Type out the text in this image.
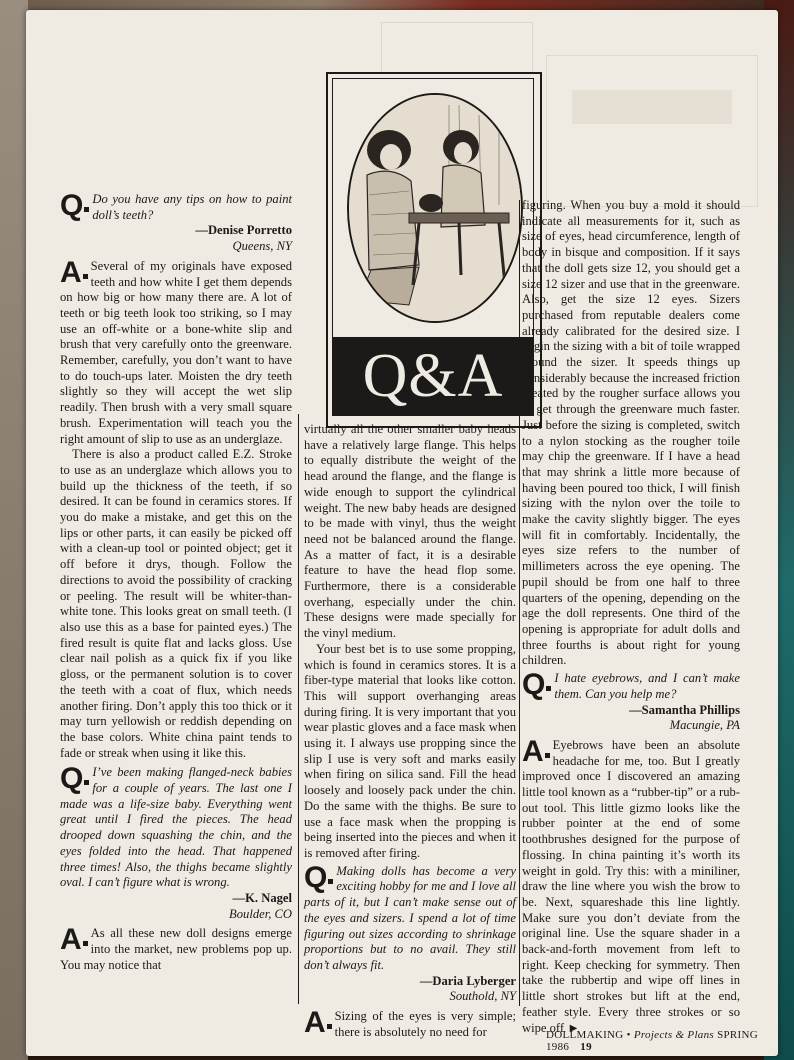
Q Do you have any tips on how to paint doll’s teeth?

—Denise Porretto

Queens, NY

A Several of my originals have exposed teeth and how white I get them depends on how big or how many there are. A lot of teeth or big teeth look too striking, so I may use an off-white or a bone-white slip and brush that very carefully onto the greenware. Remember, carefully, you don’t want to have to do touch-ups later. Moisten the dry teeth slightly so they will accept the wet slip readily. Then brush with a very small square brush. Experimentation will teach you the right amount of slip to use as an underglaze.

There is also a product called E.Z. Stroke to use as an underglaze which allows you to build up the thickness of the teeth, if so desired. It can be found in ceramics stores. If you do make a mistake, and get this on the lips or other parts, it can easily be picked off with a clean-up tool or pointed object; get it off before it drys, though. Follow the directions to avoid the possibility of cracking or peeling. The result will be whiter-than-white tone. This looks great on small teeth. (I also use this as a base for painted eyes.) The fired result is quite flat and lacks gloss. Use clear nail polish as a quick fix if you like gloss, or the permanent solution is to cover the teeth with a coat of flux, which needs another firing. Don’t apply this too thick or it may turn yellowish or reddish depending on the base colors. White china paint tends to fade or streak when using it like this.

Q I’ve been making flanged-neck babies for a couple of years. The last one I made was a life-size baby. Everything went great until I fired the pieces. The head drooped down squashing the chin, and the eyes folded into the head. That happened three times! Also, the thighs became slightly oval. I can’t figure what is wrong.

—K. Nagel

Boulder, CO

A As all these new doll designs emerge into the market, new problems pop up. You may notice that

Q&A

virtually all the other smaller baby heads have a relatively large flange. This helps to equally distribute the weight of the head around the flange, and the flange is wide enough to support the cylindrical weight. The new baby heads are designed to be made with vinyl, thus the weight need not be balanced around the flange. As a matter of fact, it is a desirable feature to have the head flop some. Furthermore, there is a considerable overhang, especially under the chin. These designs were made specially for the vinyl medium.

Your best bet is to use some propping, which is found in ceramics stores. It is a fiber-type material that looks like cotton. This will support overhanging areas during firing. It is very important that you wear plastic gloves and a face mask when using it. I always use propping since the slip I use is very soft and marks easily when firing on silica sand. Fill the head loosely and loosely pack under the chin. Do the same with the thighs. Be sure to use a face mask when the propping is being inserted into the pieces and when it is removed after firing.

Q Making dolls has become a very exciting hobby for me and I love all parts of it, but I can’t make sense out of the eyes and sizers. I spend a lot of time figuring out sizes according to shrinkage proportions but to no avail. They still don’t always fit.

—Daria Lyberger

Southold, NY

A Sizing of the eyes is very simple; there is absolutely no need for

figuring. When you buy a mold it should indicate all measurements for it, such as size of eyes, head circumference, length of body in bisque and composition. If it says that the doll gets size 12, you should get a size 12 sizer and use that in the greenware. Also, get the size 12 eyes. Sizers purchased from reputable dealers come already calibrated for the desired size. I begin the sizing with a bit of toile wrapped around the sizer. It speeds things up considerably because the increased friction created by the rougher surface allows you to get through the greenware much faster. Just before the sizing is completed, switch to a nylon stocking as the rougher toile may chip the greenware. If I have a head that may shrink a little more because of having been poured too thick, I will finish sizing with the nylon over the toile to make the cavity slightly bigger. The eyes will fit in comfortably. Incidentally, the eyes size refers to the number of millimeters across the eye opening. The pupil should be from one half to three quarters of the opening, depending on the age the doll represents. One third of the opening is appropriate for adult dolls and three fourths is about right for young children.

Q I hate eyebrows, and I can’t make them. Can you help me?

—Samantha Phillips

Macungie, PA

A Eyebrows have been an absolute headache for me, too. But I greatly improved once I discovered an amazing little tool known as a “rubber-tip” or a rub-out tool. This little gizmo looks like the rubber pointer at the end of some toothbrushes designed for the purpose of flossing. In china painting it’s worth its weight in gold. Try this: with a miniliner, draw the line where you wish the brow to be. Next, squareshade this line lightly. Make sure you don’t deviate from the original line. Use the square shader in a back-and-forth movement from left to right. Keep checking for symmetry. Then take the rubbertip and wipe off lines in little short strokes but lift at the end, feather style. Every three strokes or so wipe off ►

DOLLMAKING • Projects & Plans SPRING 1986 19
